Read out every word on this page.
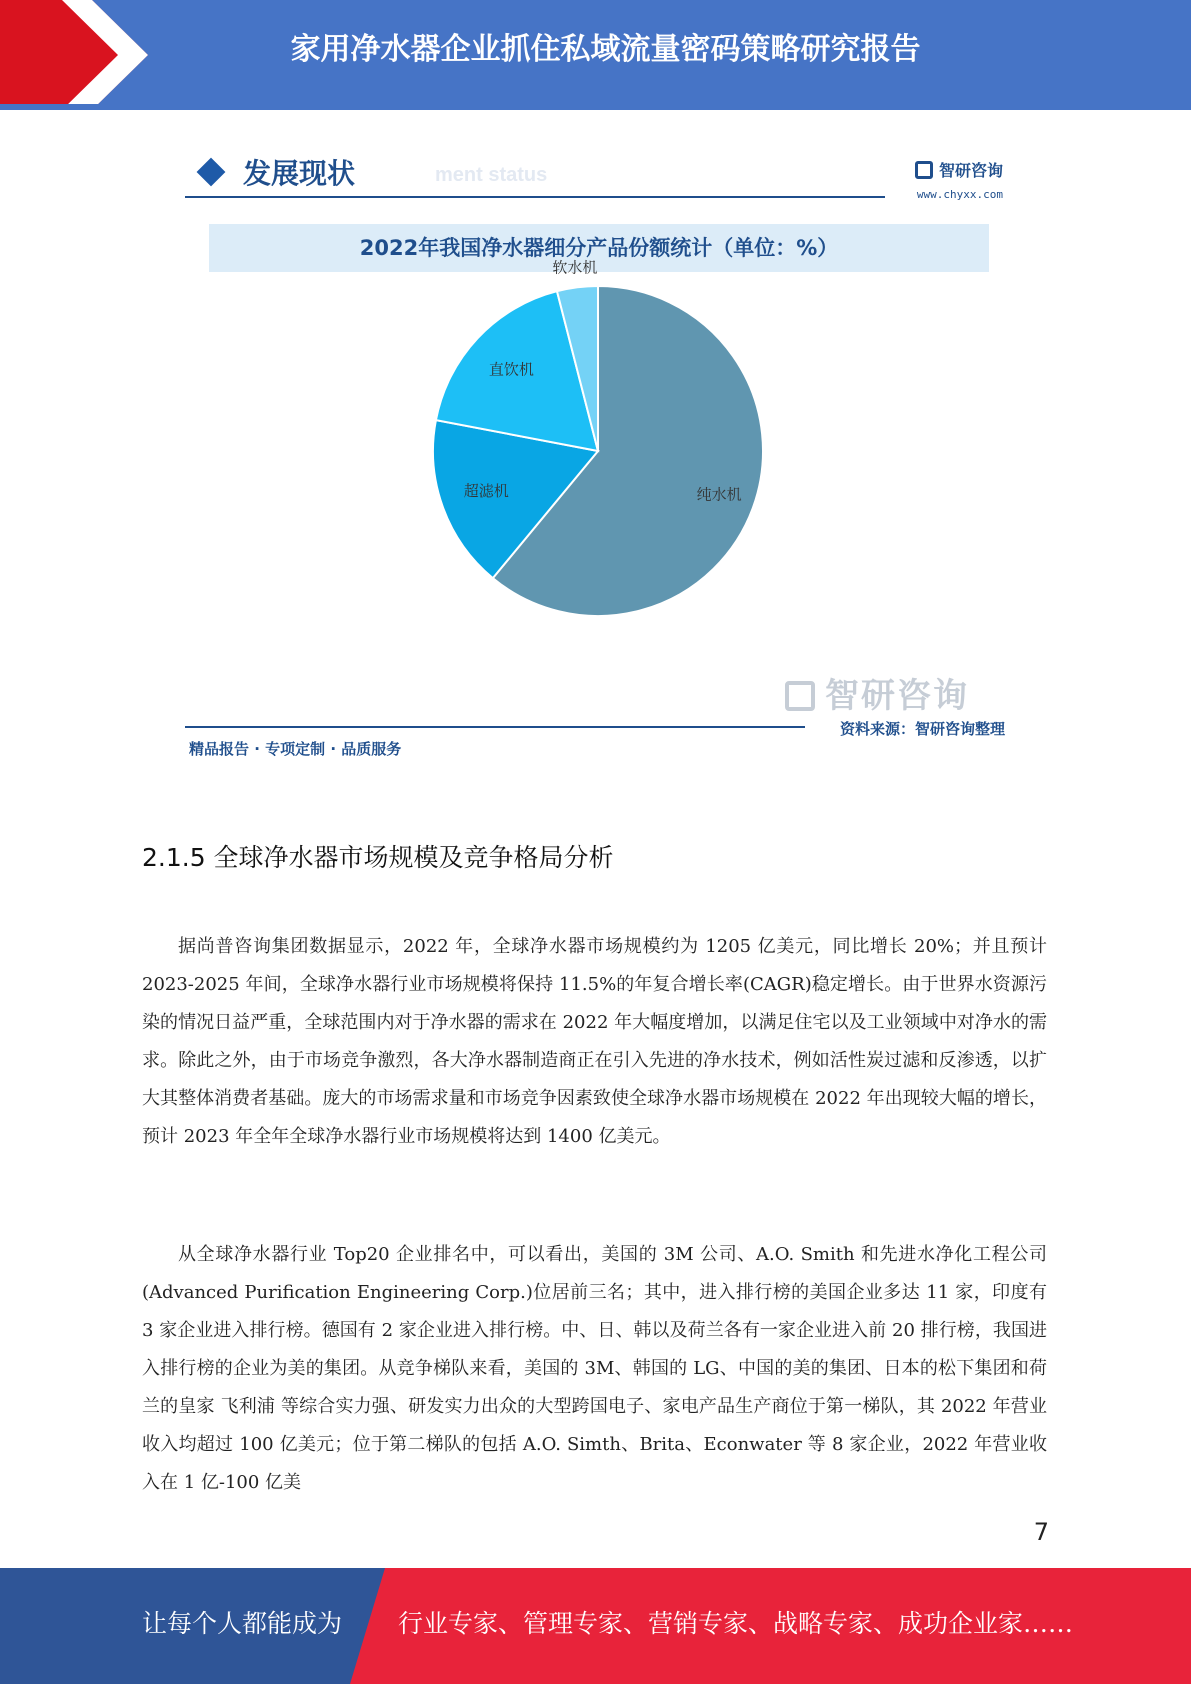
家用净水器企业抓住私域流量密码策略研究报告
ment status
发展现状	智研咨询
www.chyxx.com
2022年我国净水器细分产品份额统计（单位：%）
纯水机
超滤机
直饮机
软水机
智研咨询
精品报告 · 专项定制 · 品质服务
资料来源：智研咨询整理
2.1.5 全球净水器市场规模及竞争格局分析

据尚普咨询集团数据显示，2022 年，全球净水器市场规模约为 1205 亿美元，同比增长 20%；并且预计 2023-2025 年间，全球净水器行业市场规模将保持 11.5%的年复合增长率(CAGR)稳定增长。由于世界水资源污染的情况日益严重，全球范围内对于净水器的需求在 2022 年大幅度增加，以满足住宅以及工业领域中对净水的需求。除此之外，由于市场竞争激烈，各大净水器制造商正在引入先进的净水技术，例如活性炭过滤和反渗透，以扩大其整体消费者基础。庞大的市场需求量和市场竞争因素致使全球净水器市场规模在 2022 年出现较大幅的增长，预计 2023 年全年全球净水器行业市场规模将达到 1400 亿美元。

从全球净水器行业 Top20 企业排名中，可以看出，美国的 3M 公司、A.O. Smith 和先进水净化工程公司 (Advanced Purification Engineering Corp.)位居前三名；其中，进入排行榜的美国企业多达 11 家，印度有 3 家企业进入排行榜。德国有 2 家企业进入排行榜。中、日、韩以及荷兰各有一家企业进入前 20 排行榜，我国进入排行榜的企业为美的集团。从竞争梯队来看，美国的 3M、韩国的 LG、中国的美的集团、日本的松下集团和荷兰的皇家 飞利浦 等综合实力强、研发实力出众的大型跨国电子、家电产品生产商位于第一梯队，其 2022 年营业收入均超过 100 亿美元；位于第二梯队的包括 A.O. Simth、Brita、Econwater 等 8 家企业，2022 年营业收入在 1 亿-100 亿美

7
让每个人都能成为 行业专家、管理专家、营销专家、战略专家、成功企业家……
